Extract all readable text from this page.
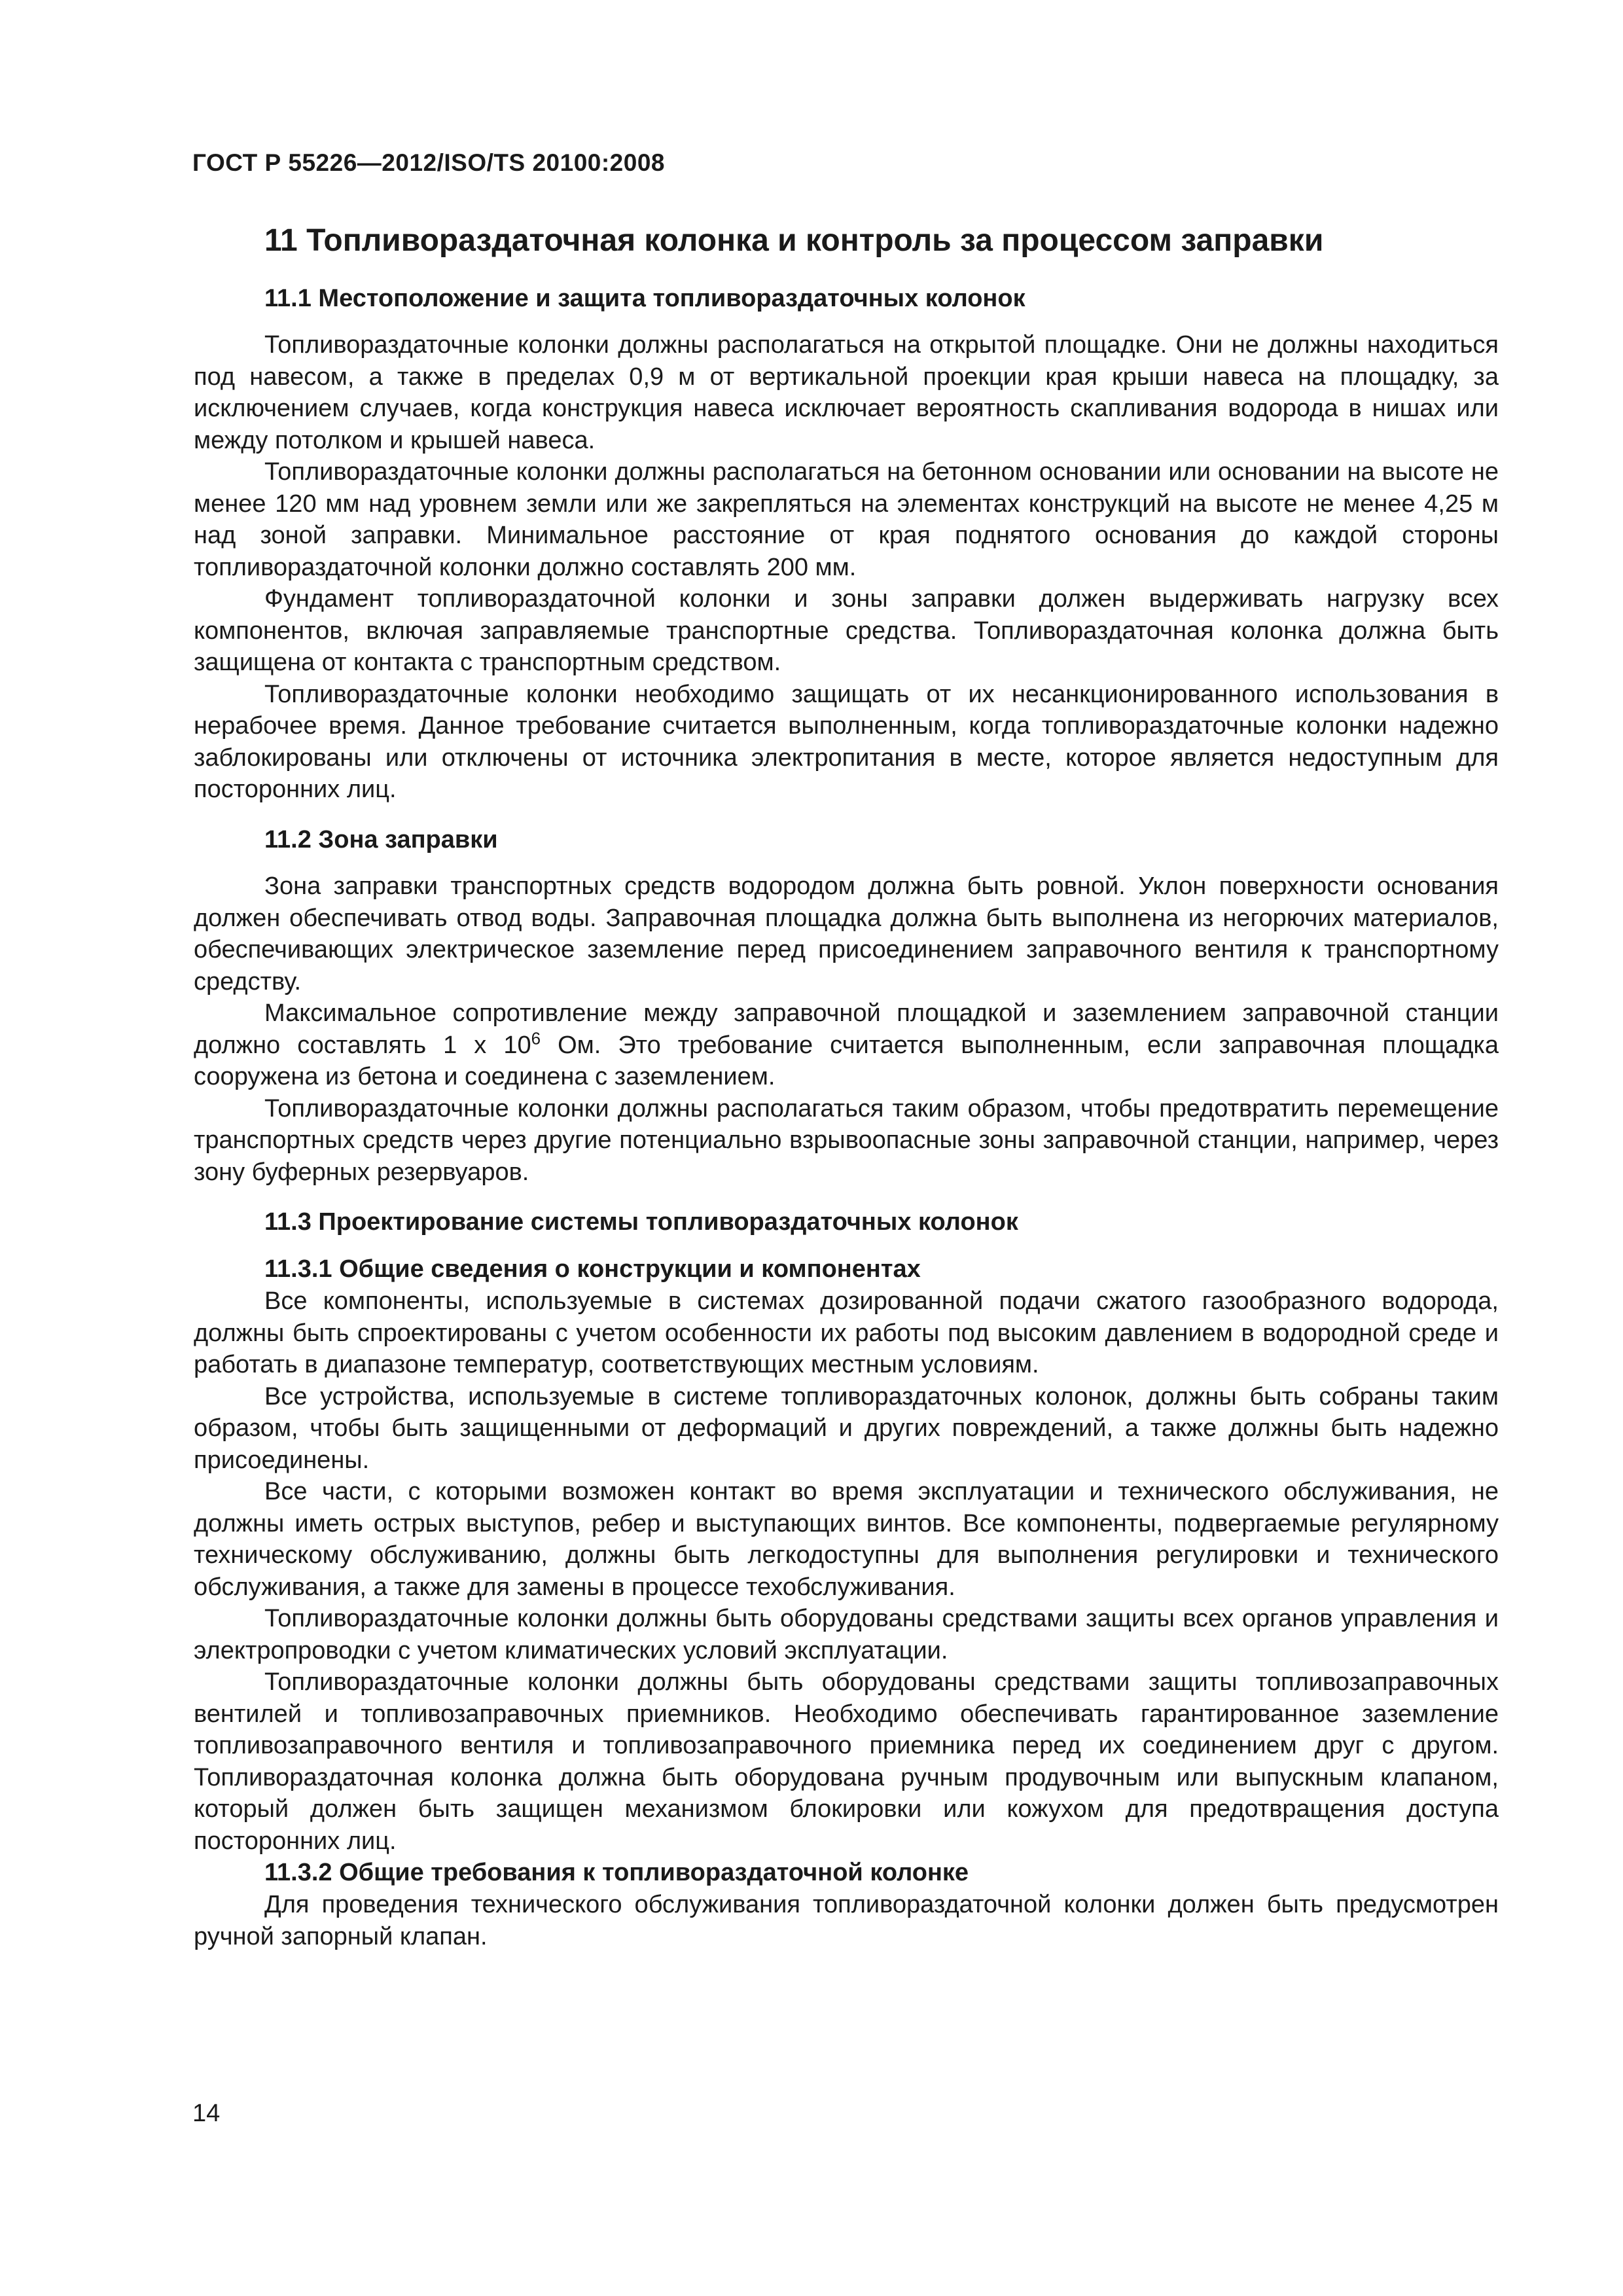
ГОСТ Р 55226—2012/ISO/TS 20100:2008
11 Топливораздаточная колонка и контроль за процессом заправки
11.1 Местоположение и защита топливораздаточных колонок

Топливораздаточные колонки должны располагаться на открытой площадке. Они не должны находиться под навесом, а также в пределах 0,9 м от вертикальной проекции края крыши навеса на площадку, за исключением случаев, когда конструкция навеса исключает вероятность скапливания водорода в нишах или между потолком и крышей навеса.

Топливораздаточные колонки должны располагаться на бетонном основании или основании на высоте не менее 120 мм над уровнем земли или же закрепляться на элементах конструкций на высоте не менее 4,25 м над зоной заправки. Минимальное расстояние от края поднятого основания до каждой стороны топливораздаточной колонки должно составлять 200 мм.

Фундамент топливораздаточной колонки и зоны заправки должен выдерживать нагрузку всех компонентов, включая заправляемые транспортные средства. Топливораздаточная колонка должна быть защищена от контакта с транспортным средством.

Топливораздаточные колонки необходимо защищать от их несанкционированного использования в нерабочее время. Данное требование считается выполненным, когда топливораздаточные колонки надежно заблокированы или отключены от источника электропитания в месте, которое является недоступным для посторонних лиц.

11.2 Зона заправки

Зона заправки транспортных средств водородом должна быть ровной. Уклон поверхности основания должен обеспечивать отвод воды. Заправочная площадка должна быть выполнена из негорючих материалов, обеспечивающих электрическое заземление перед присоединением заправочного вентиля к транспортному средству.

Максимальное сопротивление между заправочной площадкой и заземлением заправочной станции должно составлять 1 x $10^6$ Ом. Это требование считается выполненным, если заправочная площадка сооружена из бетона и соединена с заземлением.

Топливораздаточные колонки должны располагаться таким образом, чтобы предотвратить перемещение транспортных средств через другие потенциально взрывоопасные зоны заправочной станции, например, через зону буферных резервуаров.

11.3 Проектирование системы топливораздаточных колонок
11.3.1 Общие сведения о конструкции и компонентах

Все компоненты, используемые в системах дозированной подачи сжатого газообразного водорода, должны быть спроектированы с учетом особенности их работы под высоким давлением в водородной среде и работать в диапазоне температур, соответствующих местным условиям.

Все устройства, используемые в системе топливораздаточных колонок, должны быть собраны таким образом, чтобы быть защищенными от деформаций и других повреждений, а также должны быть надежно присоединены.

Все части, с которыми возможен контакт во время эксплуатации и технического обслуживания, не должны иметь острых выступов, ребер и выступающих винтов. Все компоненты, подвергаемые регулярному техническому обслуживанию, должны быть легкодоступны для выполнения регулировки и технического обслуживания, а также для замены в процессе техобслуживания.

Топливораздаточные колонки должны быть оборудованы средствами защиты всех органов управления и электропроводки с учетом климатических условий эксплуатации.

Топливораздаточные колонки должны быть оборудованы средствами защиты топливозаправочных вентилей и топливозаправочных приемников. Необходимо обеспечивать гарантированное заземление топливозаправочного вентиля и топливозаправочного приемника перед их соединением друг с другом. Топливораздаточная колонка должна быть оборудована ручным продувочным или выпускным клапаном, который должен быть защищен механизмом блокировки или кожухом для предотвращения доступа посторонних лиц.

11.3.2 Общие требования к топливораздаточной колонке

Для проведения технического обслуживания топливораздаточной колонки должен быть предусмотрен ручной запорный клапан.

14
